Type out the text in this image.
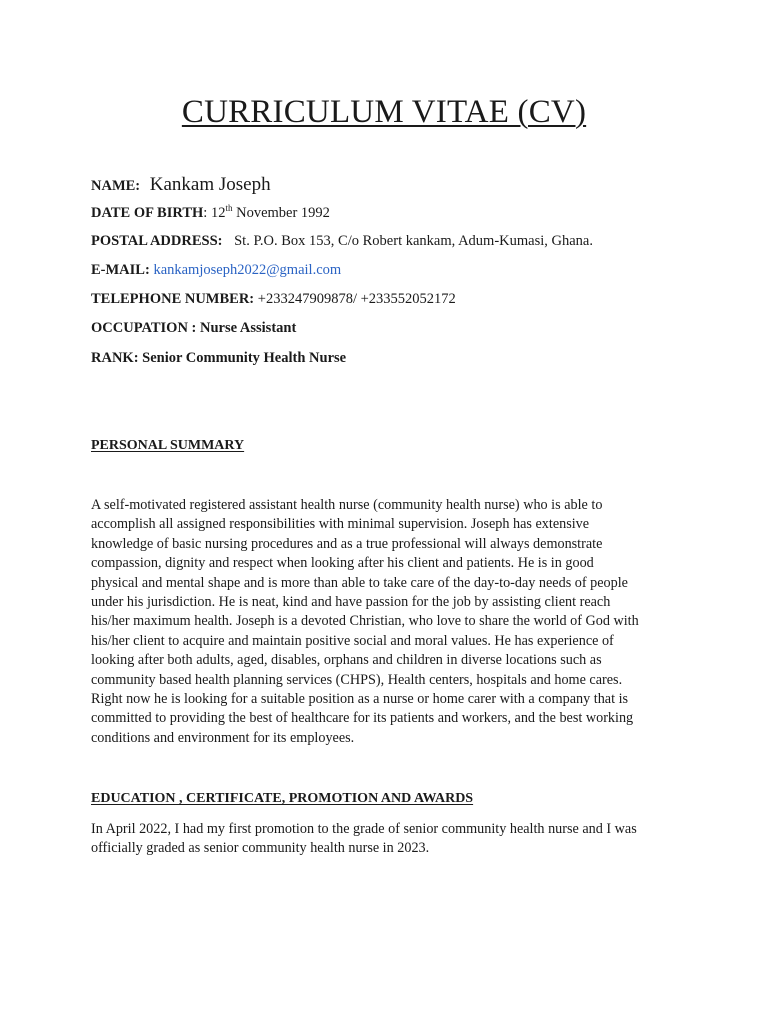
CURRICULUM VITAE (CV)
NAME: Kankam Joseph
DATE OF BIRTH: 12th November 1992
POSTAL ADDRESS: St. P.O. Box 153, C/o Robert kankam, Adum-Kumasi, Ghana.
E-MAIL: kankamjoseph2022@gmail.com
TELEPHONE NUMBER: +233247909878/ +233552052172
OCCUPATION : Nurse Assistant
RANK: Senior Community Health Nurse
PERSONAL SUMMARY
A self-motivated registered assistant health nurse (community health nurse) who is able to
accomplish all assigned responsibilities with minimal supervision. Joseph has extensive
knowledge of basic nursing procedures and as a true professional will always demonstrate
compassion, dignity and respect when looking after his client and patients. He is in good
physical and mental shape and is more than able to take care of the day-to-day needs of people
under his jurisdiction. He is neat, kind and have passion for the job by assisting client reach
his/her maximum health. Joseph is a devoted Christian, who love to share the world of God with
his/her client to acquire and maintain positive social and moral values. He has experience of
looking after both adults, aged, disables, orphans and children in diverse locations such as
community based health planning services (CHPS), Health centers, hospitals and home cares.
Right now he is looking for a suitable position as a nurse or home carer with a company that is
committed to providing the best of healthcare for its patients and workers, and the best working
conditions and environment for its employees.
EDUCATION , CERTIFICATE, PROMOTION AND AWARDS
In April 2022, I had my first promotion to the grade of senior community health nurse and I was
officially graded as senior community health nurse in 2023.
